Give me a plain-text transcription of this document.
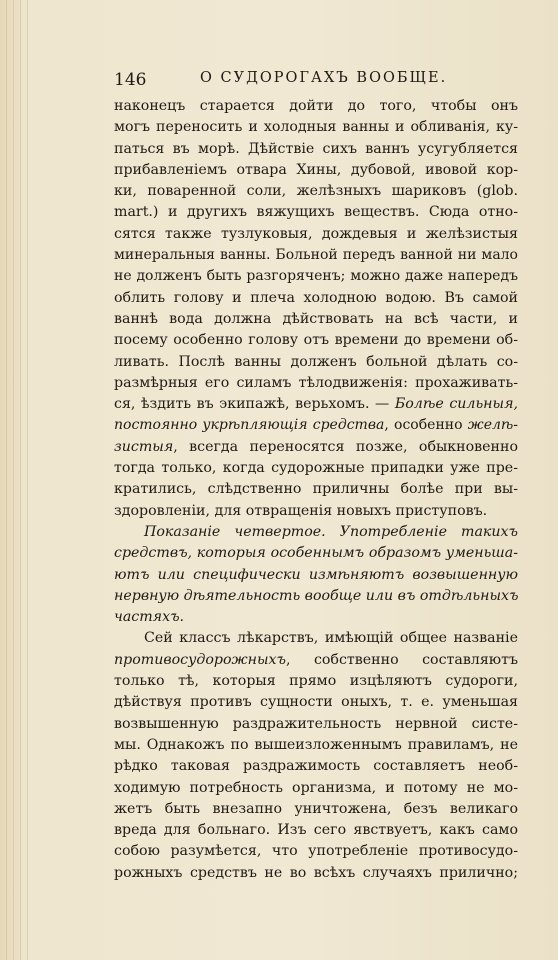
146	О СУДОРОГАХЪ ВООБЩЕ.
наконецъ старается дойти до того, чтобы онъ
могъ переносить и холодныя ванны и обливанія, ку-
паться въ морѣ. Дѣйствіе сихъ ваннъ усугубляется
прибавленіемъ отвара Хины, дубовой, ивовой кор-
ки, поваренной соли, желѣзныхъ шариковъ (glob.
mart.) и другихъ вяжущихъ веществъ. Сюда отно-
сятся также тузлуковыя, дождевыя и желѣзистыя
минеральныя ванны. Больной передъ ванной ни мало
не долженъ быть разгоряченъ; можно даже напередъ
облить голову и плеча холодною водою. Въ самой
ваннѣ вода должна дѣйствовать на всѣ части, и
посему особенно голову отъ времени до времени об-
ливать. Послѣ ванны долженъ больной дѣлать со-
размѣрныя его силамъ тѣлодвиженія: прохаживать-
ся, ѣздить въ экипажѣ, верьхомъ. — Болѣе сильныя,
постоянно укрѣпляющія средства, особенно желѣ-
зистыя, всегда переносятся позже, обыкновенно
тогда только, когда судорожные припадки уже пре-
кратились, слѣдственно приличны болѣе при вы-
здоровленіи, для отвращенія новыхъ приступовъ.
Показаніе четвертое. Употребленіе такихъ
средствъ, которыя особеннымъ образомъ уменьша-
ютъ или специфически измѣняютъ возвышенную
нервную дѣятельность вообще или въ отдѣльныхъ
частяхъ.
Сей классъ лѣкарствъ, имѣющій общее названіе
противосудорожныхъ, собственно составляютъ
только тѣ, которыя прямо изцѣляютъ судороги,
дѣйствуя противъ сущности оныхъ, т. е. уменьшая
возвышенную раздражительность нервной систе-
мы. Однакожъ по вышеизложеннымъ правиламъ, не
рѣдко таковая раздражимость составляетъ необ-
ходимую потребность организма, и потому не мо-
жетъ быть внезапно уничтожена, безъ великаго
вреда для больнаго. Изъ сего явствуетъ, какъ само
собою разумѣется, что употребленіе противосудо-
рожныхъ средствъ не во всѣхъ случаяхъ прилично;
